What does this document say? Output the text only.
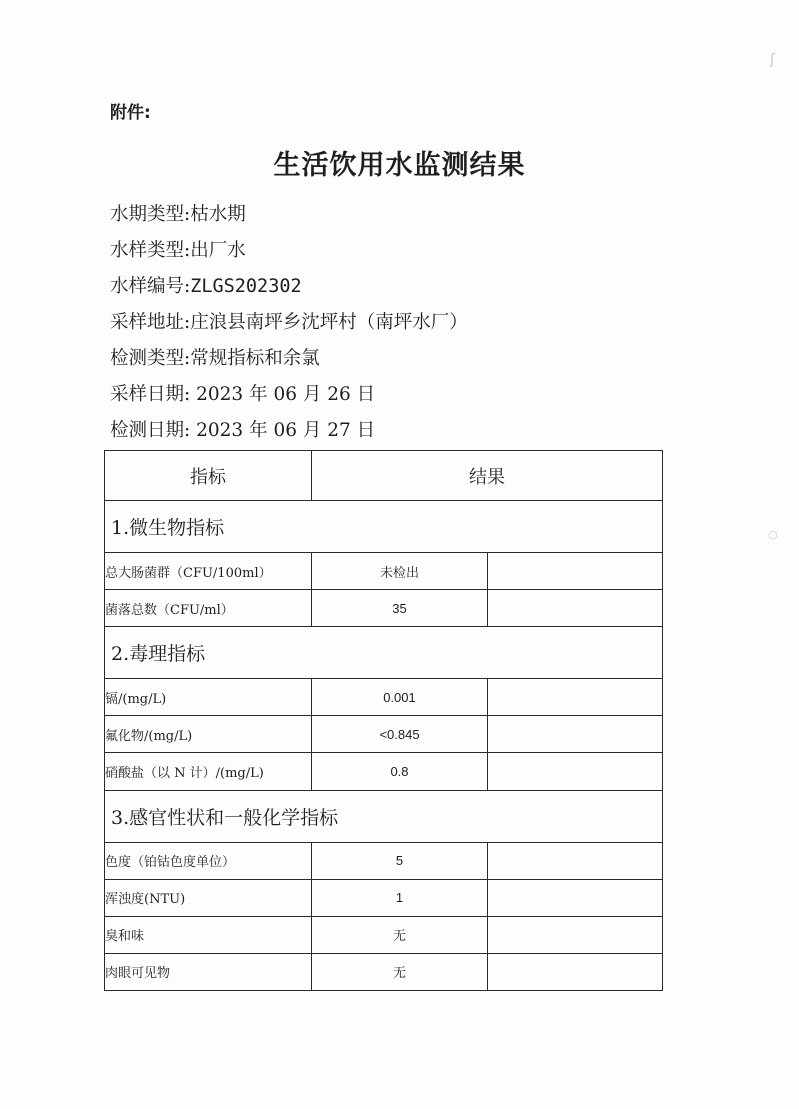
附件:
生活饮用水监测结果
水期类型:枯水期
水样类型:出厂水
水样编号:ZLGS202302
采样地址:庄浪县南坪乡沈坪村（南坪水厂）
检测类型:常规指标和余氯
采样日期: 2023 年 06 月 26 日
检测日期: 2023 年 06 月 27 日
指标	结果	
1.微生物指标		
总大肠菌群（CFU/100ml）	未检出	
菌落总数（CFU/ml）	35	
2.毒理指标		
镉/(mg/L)	0.001	
氟化物/(mg/L)	<0.845	
硝酸盐（以 N 计）/(mg/L)	0.8	
3.感官性状和一般化学指标		
色度（铂钴色度单位）	5	
浑浊度(NTU)	1	
臭和味	无	
肉眼可见物	无	
ʃ
○
